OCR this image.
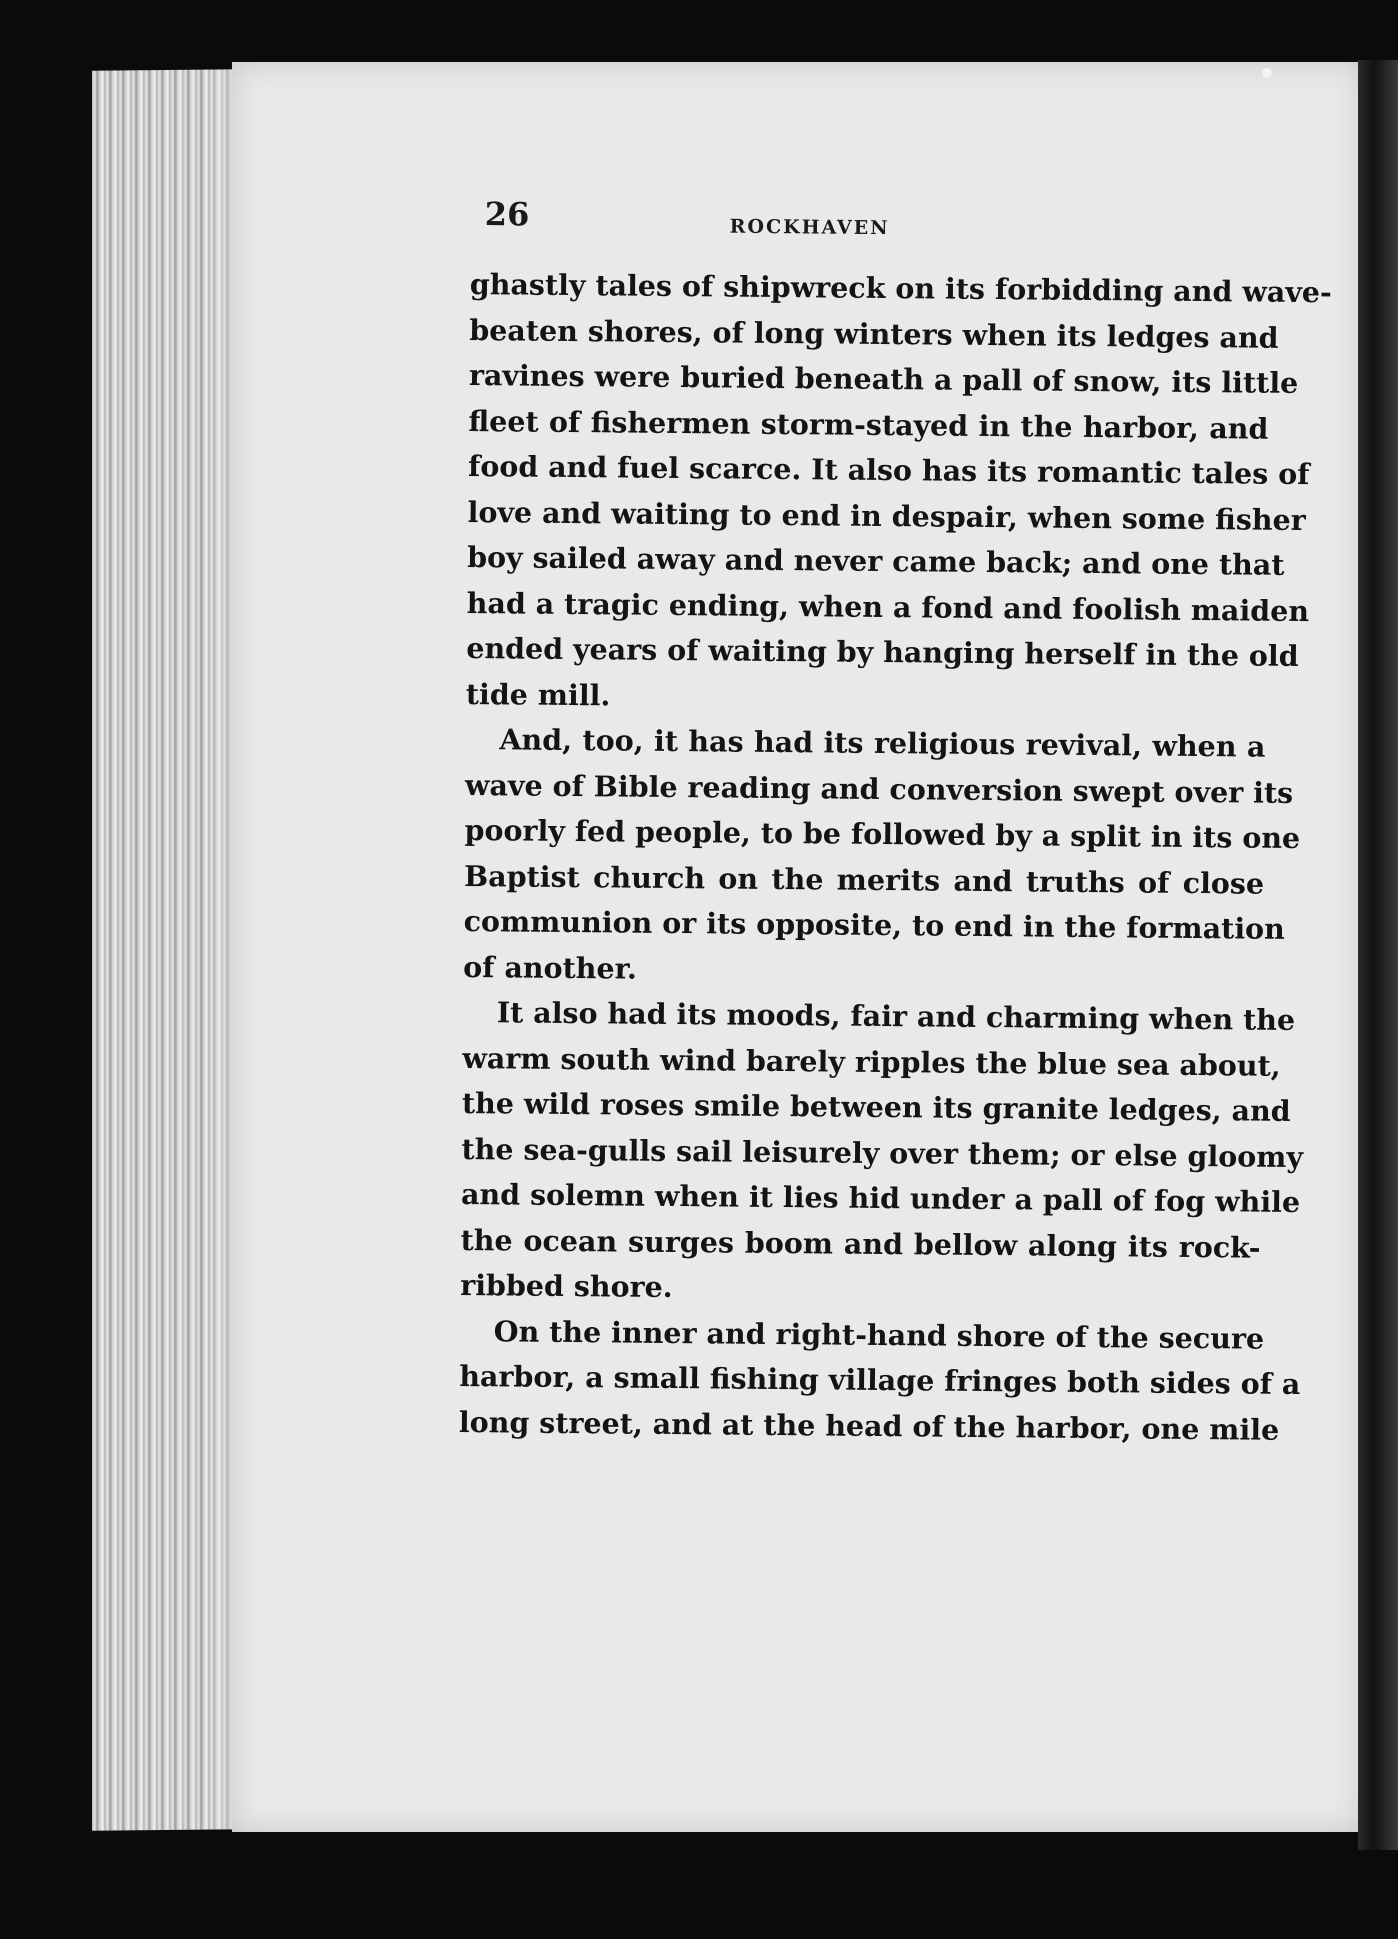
26	ROCKHAVEN
ghastly tales of shipwreck on its forbidding and wave-
beaten shores, of long winters when its ledges and
ravines were buried beneath a pall of snow, its little
fleet of fishermen storm-stayed in the harbor, and
food and fuel scarce. It also has its romantic tales of
love and waiting to end in despair, when some fisher
boy sailed away and never came back; and one that
had a tragic ending, when a fond and foolish maiden
ended years of waiting by hanging herself in the old
tide mill.
And, too, it has had its religious revival, when a
wave of Bible reading and conversion swept over its
poorly fed people, to be followed by a split in its one
Baptist church on the merits and truths of close
communion or its opposite, to end in the formation
of another.
It also had its moods, fair and charming when the
warm south wind barely ripples the blue sea about,
the wild roses smile between its granite ledges, and
the sea-gulls sail leisurely over them; or else gloomy
and solemn when it lies hid under a pall of fog while
the ocean surges boom and bellow along its rock-
ribbed shore.
On the inner and right-hand shore of the secure
harbor, a small fishing village fringes both sides of a
long street, and at the head of the harbor, one mile
